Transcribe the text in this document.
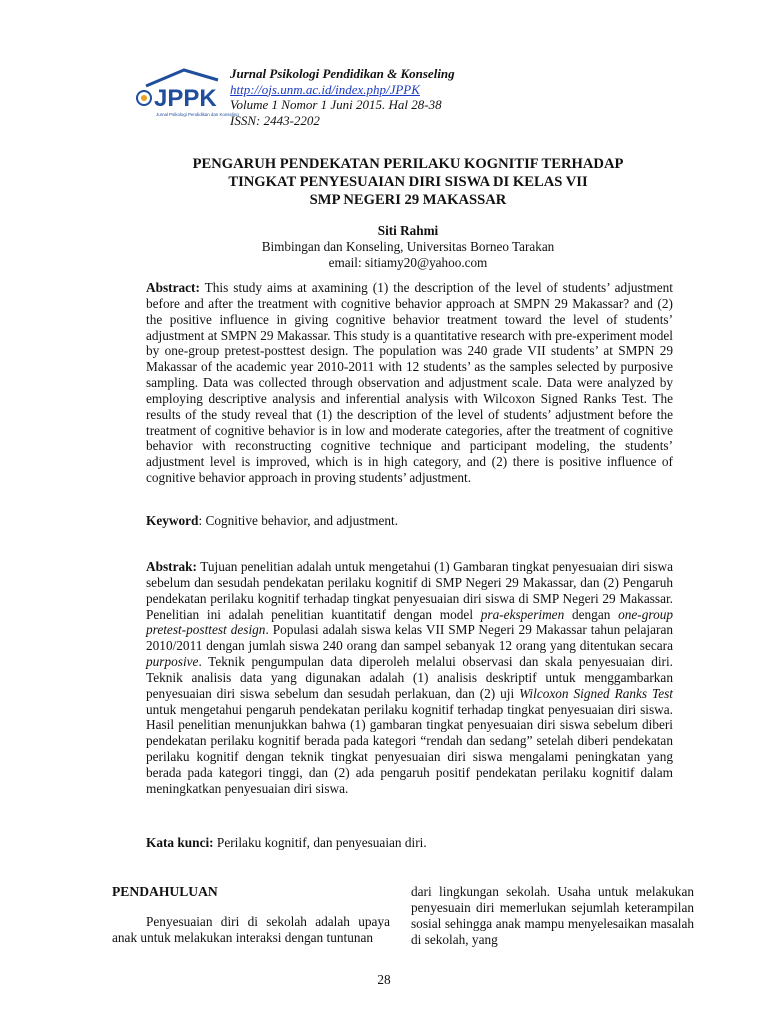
JPPK
Jurnal Psikologi Pendidikan dan Konseling
Jurnal Psikologi Pendidikan & Konseling
http://ojs.unm.ac.id/index.php/JPPK
Volume 1 Nomor 1 Juni 2015. Hal 28-38
ISSN: 2443-2202
PENGARUH PENDEKATAN PERILAKU KOGNITIF TERHADAP
TINGKAT PENYESUAIAN DIRI SISWA DI KELAS VII
SMP NEGERI 29 MAKASSAR
Siti Rahmi
Bimbingan dan Konseling, Universitas Borneo Tarakan
email: sitiamy20@yahoo.com
Abstract: This study aims at axamining (1) the description of the level of students’ adjustment before and after the treatment with cognitive behavior approach at SMPN 29 Makassar? and (2) the positive influence in giving cognitive behavior treatment toward the level of students’ adjustment at SMPN 29 Makassar. This study is a quantitative research with pre-experiment model by one-group pretest-posttest design. The population was 240 grade VII students’ at SMPN 29 Makassar of the academic year 2010-2011 with 12 students’ as the samples selected by purposive sampling. Data was collected through observation and adjustment scale. Data were analyzed by employing descriptive analysis and inferential analysis with Wilcoxon Signed Ranks Test. The results of the study reveal that (1) the description of the level of students’ adjustment before the treatment of cognitive behavior is in low and moderate categories, after the treatment of cognitive behavior with reconstructing cognitive technique and participant modeling, the students’ adjustment level is improved, which is in high category, and (2) there is positive influence of cognitive behavior approach in proving students’ adjustment.
Keyword: Cognitive behavior, and adjustment.
Abstrak: Tujuan penelitian adalah untuk mengetahui (1) Gambaran tingkat penyesuaian diri siswa sebelum dan sesudah pendekatan perilaku kognitif di SMP Negeri 29 Makassar, dan (2) Pengaruh pendekatan perilaku kognitif terhadap tingkat penyesuaian diri siswa di SMP Negeri 29 Makassar. Penelitian ini adalah penelitian kuantitatif dengan model pra-eksperimen dengan one-group pretest-posttest design. Populasi adalah siswa kelas VII SMP Negeri 29 Makassar tahun pelajaran 2010/2011 dengan jumlah siswa 240 orang dan sampel sebanyak 12 orang yang ditentukan secara purposive. Teknik pengumpulan data diperoleh melalui observasi dan skala penyesuaian diri. Teknik analisis data yang digunakan adalah (1) analisis deskriptif untuk menggambarkan penyesuaian diri siswa sebelum dan sesudah perlakuan, dan (2) uji Wilcoxon Signed Ranks Test untuk mengetahui pengaruh pendekatan perilaku kognitif terhadap tingkat penyesuaian diri siswa. Hasil penelitian menunjukkan bahwa (1) gambaran tingkat penyesuaian diri siswa sebelum diberi pendekatan perilaku kognitif berada pada kategori “rendah dan sedang” setelah diberi pendekatan perilaku kognitif dengan teknik tingkat penyesuaian diri siswa mengalami peningkatan yang berada pada kategori tinggi, dan (2) ada pengaruh positif pendekatan perilaku kognitif dalam meningkatkan penyesuaian diri siswa.
Kata kunci: Perilaku kognitif, dan penyesuaian diri.
PENDAHULUAN
Penyesuaian diri di sekolah adalah upaya anak untuk melakukan interaksi dengan tuntunan
dari lingkungan sekolah. Usaha untuk melakukan penyesuain diri memerlukan sejumlah keterampilan sosial sehingga anak mampu menyelesaikan masalah di sekolah, yang
28
